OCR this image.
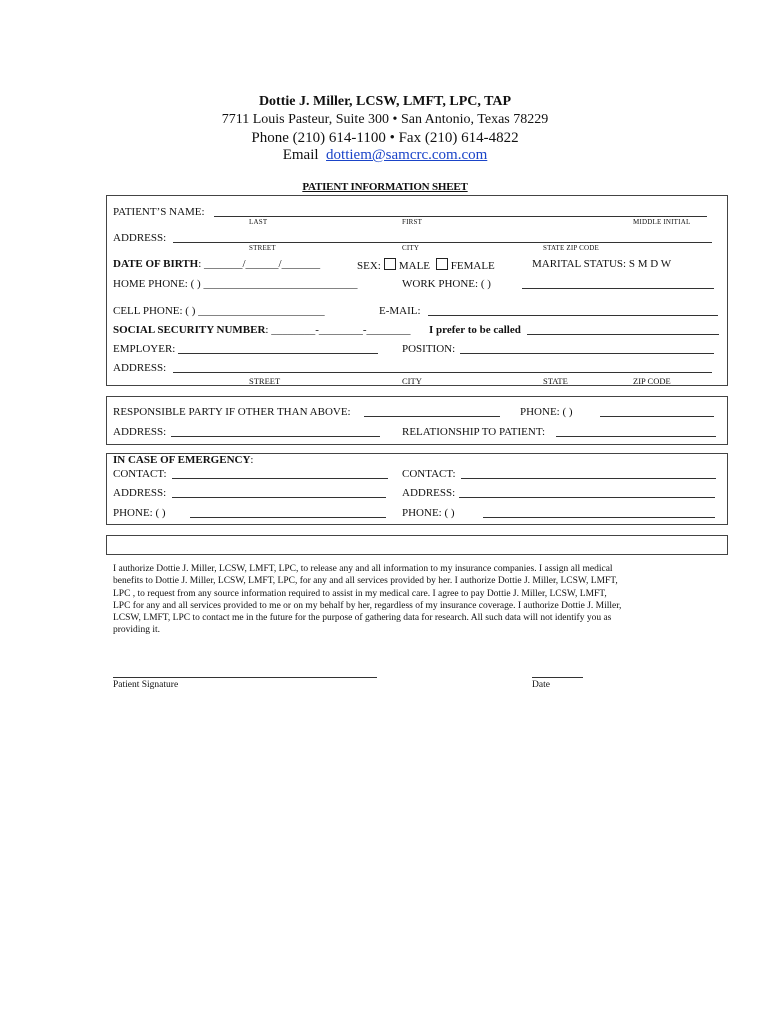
Dottie J. Miller, LCSW, LMFT, LPC, TAP
7711 Louis Pasteur, Suite 300 • San Antonio, Texas 78229
Phone (210) 614-1100 • Fax (210) 614-4822
Email dottiem@samcrc.com.com
PATIENT INFORMATION SHEET
PATIENT’S NAME:
LAST	FIRST	MIDDLE INITIAL
ADDRESS:
STREET	CITY	STATE ZIP CODE
DATE OF BIRTH: _______/______/_______	SEX: MALE FEMALE	MARITAL STATUS: S M D W
HOME PHONE: ( ) ____________________________	WORK PHONE: ( )
CELL PHONE: ( ) _______________________	E-MAIL:
SOCIAL SECURITY NUMBER: ________-________-________ I prefer to be called
EMPLOYER:	POSITION:
ADDRESS:
STREET	CITY	STATE	ZIP CODE
RESPONSIBLE PARTY IF OTHER THAN ABOVE:	PHONE: ( )
ADDRESS:	RELATIONSHIP TO PATIENT:
IN CASE OF EMERGENCY:
CONTACT:	CONTACT:
ADDRESS:	ADDRESS:
PHONE: ( )	PHONE: ( )
I authorize Dottie J. Miller, LCSW, LMFT, LPC, to release any and all information to my insurance companies. I assign all medical
benefits to Dottie J. Miller, LCSW, LMFT, LPC, for any and all services provided by her. I authorize Dottie J. Miller, LCSW, LMFT,
LPC , to request from any source information required to assist in my medical care. I agree to pay Dottie J. Miller, LCSW, LMFT,
LPC for any and all services provided to me or on my behalf by her, regardless of my insurance coverage. I authorize Dottie J. Miller,
LCSW, LMFT, LPC to contact me in the future for the purpose of gathering data for research. All such data will not identify you as
providing it.
Patient Signature	Date
